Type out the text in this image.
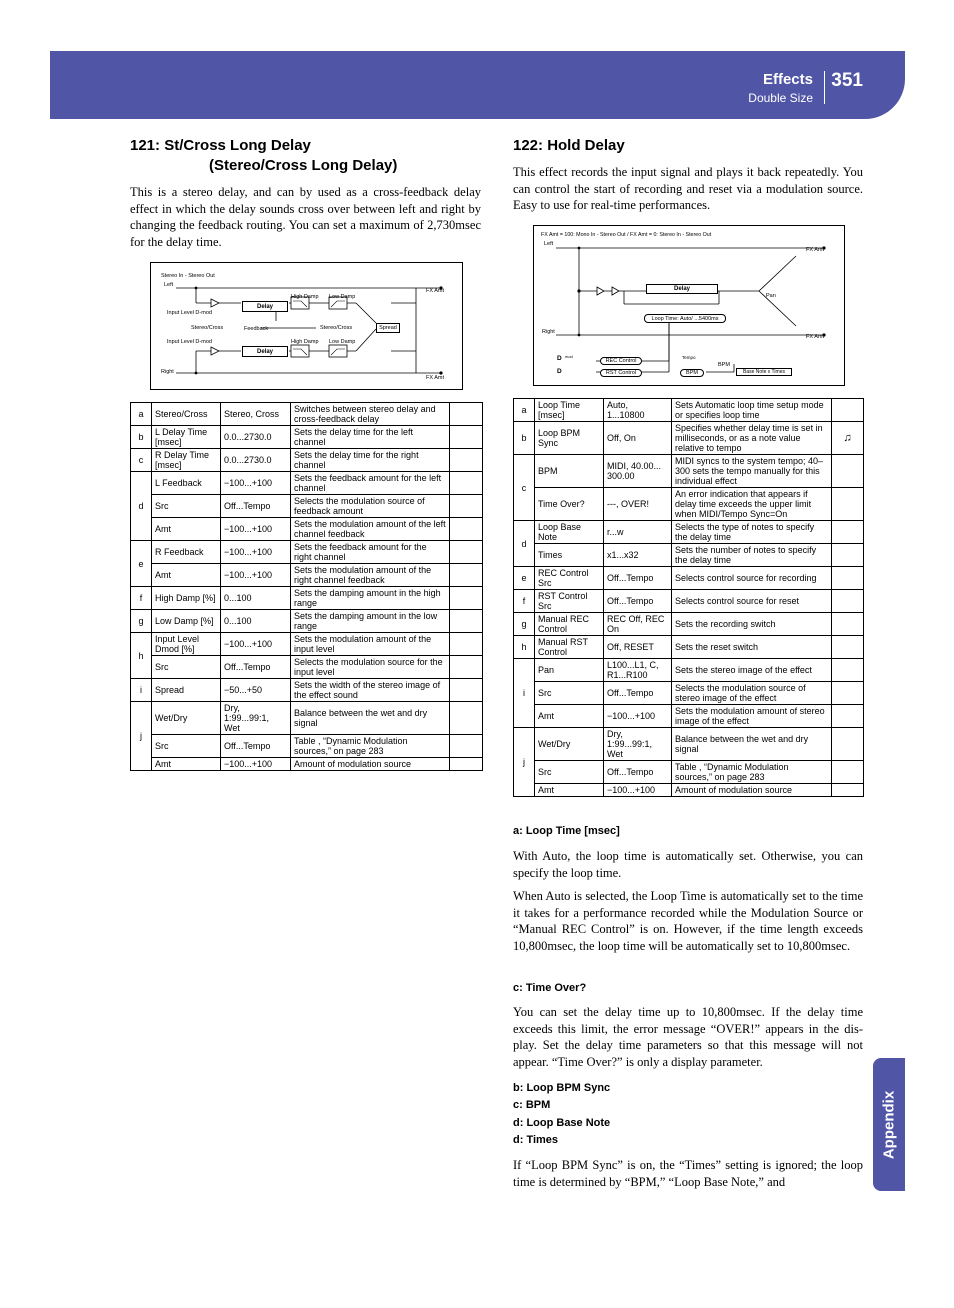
Effects
Double Size
351
Appendix
121: St/Cross Long Delay
(Stereo/Cross Long Delay)
This is a stereo delay, and can by used as a cross-feedback delay effect in which the delay sounds cross over between left and right by changing the feedback routing. You can set a maximum of 2,730msec for the delay time.
Stereo In - Stereo Out
Left
Right
FX Amt
FX Amt
Input Level D-mod
Input Level D-mod
Delay
Delay
High Damp Low Damp
High Damp Low Damp
Stereo/Cross	Stereo/Cross
Feedback	Spread
a	Stereo/Cross	Stereo, Cross	Switches between stereo delay and cross-feedback delay	
b	L Delay Time [msec]	0.0...2730.0	Sets the delay time for the left channel	
c	R Delay Time [msec]	0.0...2730.0	Sets the delay time for the right channel	
d	L Feedback	−100...+100	Sets the feedback amount for the left channel	
	Src	Off...Tempo	Selects the modulation source of feedback amount	
	Amt	−100...+100	Sets the modulation amount of the left channel feedback	
e	R Feedback	−100...+100	Sets the feedback amount for the right channel	
	Amt	−100...+100	Sets the modulation amount of the right channel feedback	
f	High Damp [%]	0...100	Sets the damping amount in the high range	
g	Low Damp [%]	0...100	Sets the damping amount in the low range	
h	Input Level Dmod [%]	−100...+100	Sets the modulation amount of the input level	
	Src	Off...Tempo	Selects the modulation source for the input level	
i	Spread	−50...+50	Sets the width of the stereo image of the effect sound	
j	Wet/Dry	Dry, 1:99...99:1, Wet	Balance between the wet and dry signal	
	Src	Off...Tempo	Table , “Dynamic Modulation sources,” on page 283	
	Amt	−100...+100	Amount of modulation source	
122: Hold Delay
This effect records the input signal and plays it back repeatedly. You can control the start of recording and reset via a modulation source. Easy to use for real-time performances.
FX Amt = 100: Mono In - Stereo Out / FX Amt = 0: Stereo In - Stereo Out
Left
Right
FX Amt
FX Amt
Delay
Pan
Loop Time: Auto/ ...5400ms
D
D
mod
REC Control
RST Control
Tempo
BPM
BPM
Base Note x Times
a	Loop Time [msec]	Auto, 1...10800	Sets Automatic loop time setup mode or specifies loop time	
b	Loop BPM Sync	Off, On	Specifies whether delay time is set in milliseconds, or as a note value relative to tempo	♫
c	BPM	MIDI, 40.00... 300.00	MIDI syncs to the system tempo; 40–300 sets the tempo manually for this individual effect	
	Time Over?	---, OVER!	An error indication that appears if delay time exceeds the upper limit when MIDI/Tempo Sync=On	
d	Loop Base Note	r...w	Selects the type of notes to specify the delay time	
	Times	x1...x32	Sets the number of notes to specify the delay time	
e	REC Control Src	Off...Tempo	Selects control source for recording	
f	RST Control Src	Off...Tempo	Selects control source for reset	
g	Manual REC Control	REC Off, REC On	Sets the recording switch	
h	Manual RST Control	Off, RESET	Sets the reset switch	
i	Pan	L100...L1, C, R1...R100	Sets the stereo image of the effect	
	Src	Off...Tempo	Selects the modulation source of stereo image of the effect	
	Amt	−100...+100	Sets the modulation amount of stereo image of the effect	
j	Wet/Dry	Dry, 1:99...99:1, Wet	Balance between the wet and dry signal	
	Src	Off...Tempo	Table , “Dynamic Modulation sources,” on page 283	
	Amt	−100...+100	Amount of modulation source	
a: Loop Time [msec]
With Auto, the loop time is automatically set. Otherwise, you can specify the loop time.
When Auto is selected, the Loop Time is automatically set to the time it takes for a performance recorded while the Modulation Source or “Manual REC Control” is on. However, if the time length exceeds 10,800msec, the loop time will be automatically set to 10,800msec.
c: Time Over?
You can set the delay time up to 10,800msec. If the delay time exceeds this limit, the error message “OVER!” appears in the dis-play. Set the delay time parameters so that this message will not appear. “Time Over?” is only a display parameter.
b: Loop BPM Sync
c: BPM
d: Loop Base Note
d: Times
If “Loop BPM Sync” is on, the “Times” setting is ignored; the loop time is determined by “BPM,” “Loop Base Note,” and
